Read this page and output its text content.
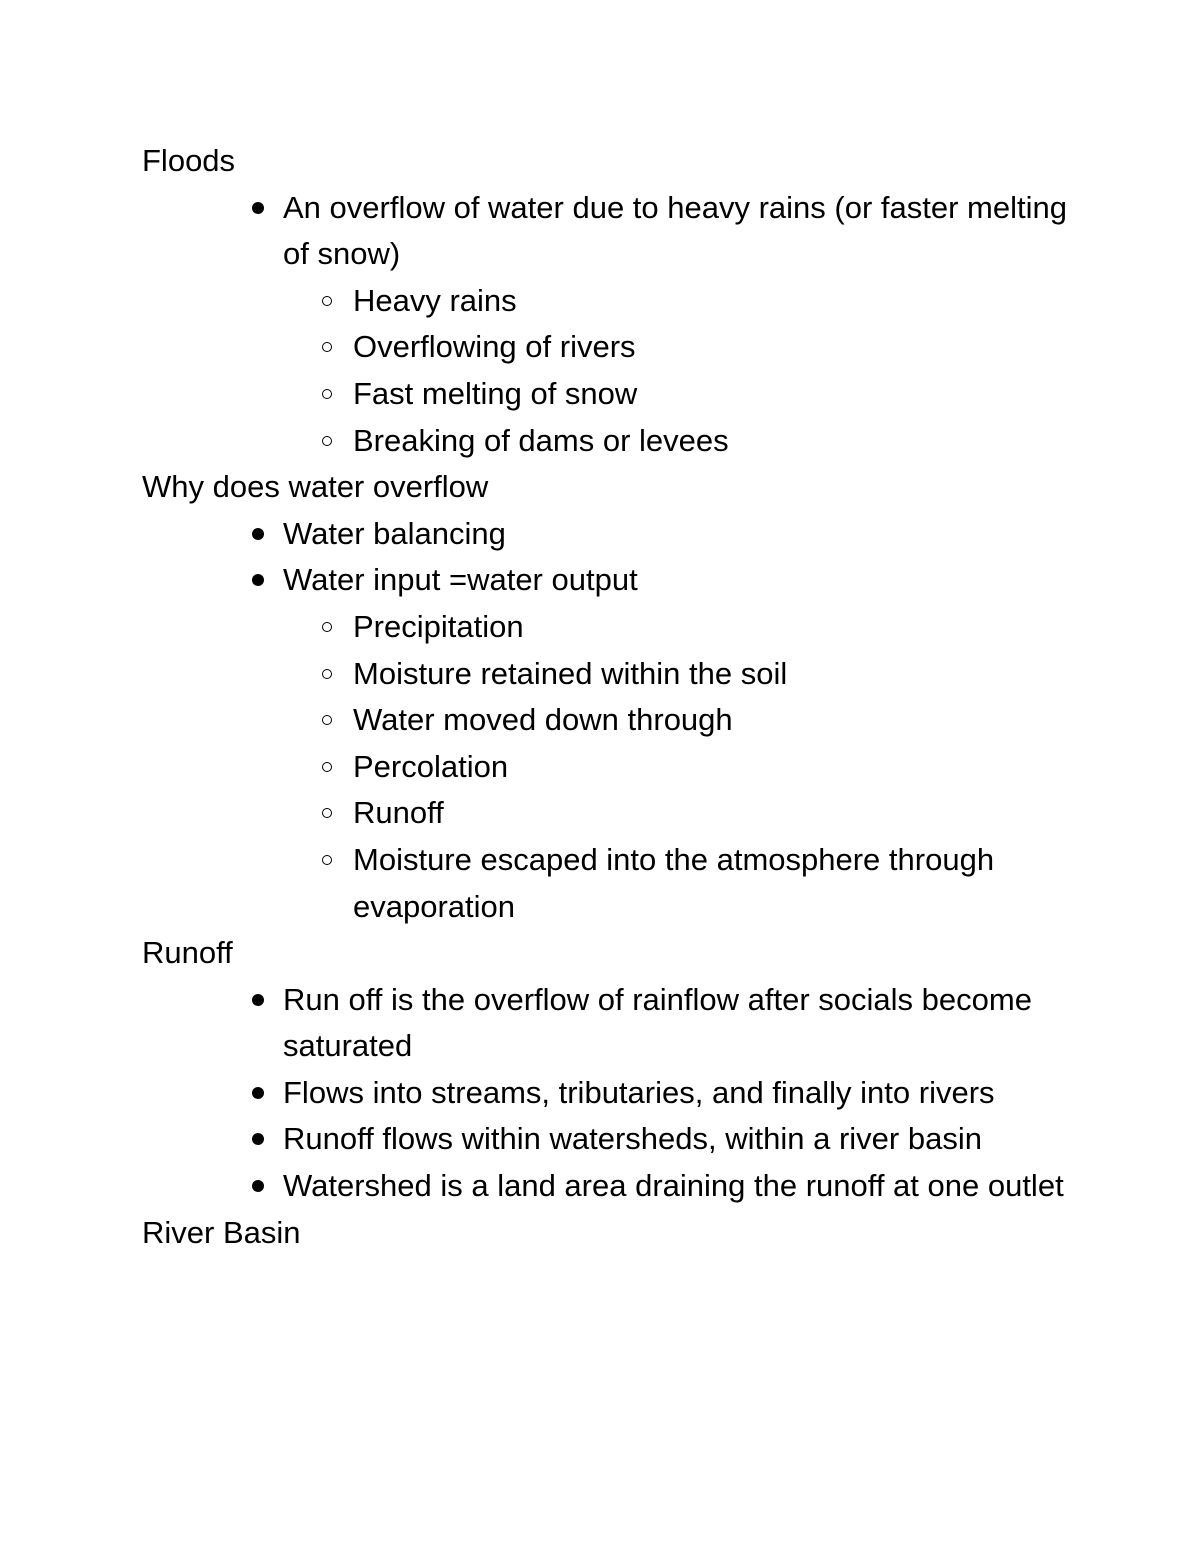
Floods
An overflow of water due to heavy rains (or faster melting of snow)
Heavy rains
Overflowing of rivers
Fast melting of snow
Breaking of dams or levees
Why does water overflow
Water balancing
Water input =water output
Precipitation
Moisture retained within the soil
Water moved down through
Percolation
Runoff
Moisture escaped into the atmosphere through evaporation
Runoff
Run off is the overflow of rainflow after socials become saturated
Flows into streams, tributaries, and finally into rivers
Runoff flows within watersheds, within a river basin
Watershed is a land area draining the runoff at one outlet
River Basin
